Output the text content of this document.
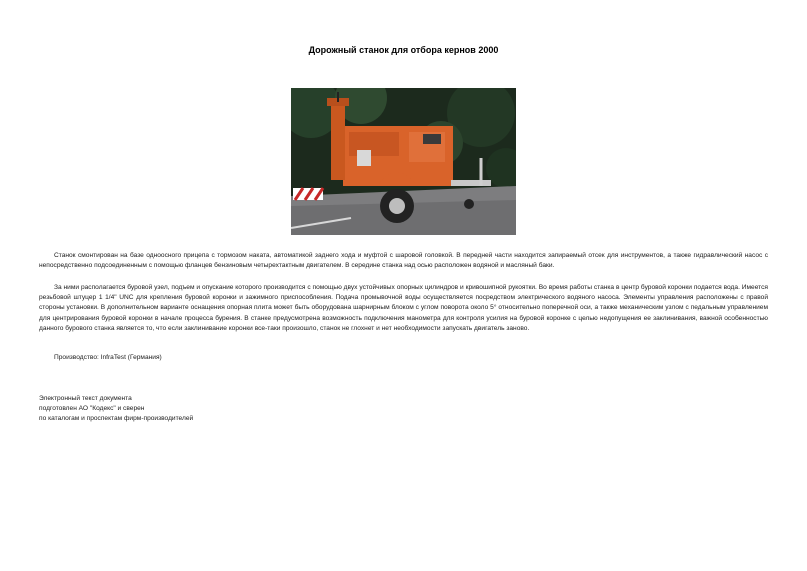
Дорожный станок для отбора кернов 2000
Станок смонтирован на базе одноосного прицепа с тормозом наката, автоматикой заднего хода и муфтой с шаровой головкой. В передней части находится запираемый отсек для инструментов, а также гидравлический насос с непосредственно подсоединенным с помощью фланцев бензиновым четырехтактным двигателем. В середине станка над осью расположен водяной и масляный баки.
За ними располагается буровой узел, подъем и опускание которого производится с помощью двух устойчивых опорных цилиндров и кривошипной рукоятки. Во время работы станка в центр буровой коронки подается вода. Имеется резьбовой штуцер 1 1/4" UNC для крепления буровой коронки и зажимного приспособления. Подача промывочной воды осуществляется посредством электрического водяного насоса. Элементы управления расположены с правой стороны установки. В дополнительном варианте оснащения опорная плита может быть оборудована шарнирным блоком с углом поворота около 5° относительно поперечной оси, а также механическим узлом с педальным управлением для центрирования буровой коронки в начале процесса бурения. В станке предусмотрена возможность подключения манометра для контроля усилия на буровой коронке с целью недопущения ее заклинивания, важной особенностью данного бурового станка является то, что если заклинивание коронки все-таки произошло, станок не глохнет и нет необходимости запускать двигатель заново.
Производство: InfraTest (Германия)
Электронный текст документа
подготовлен АО "Кодекс" и сверен
по каталогам и проспектам фирм-производителей
